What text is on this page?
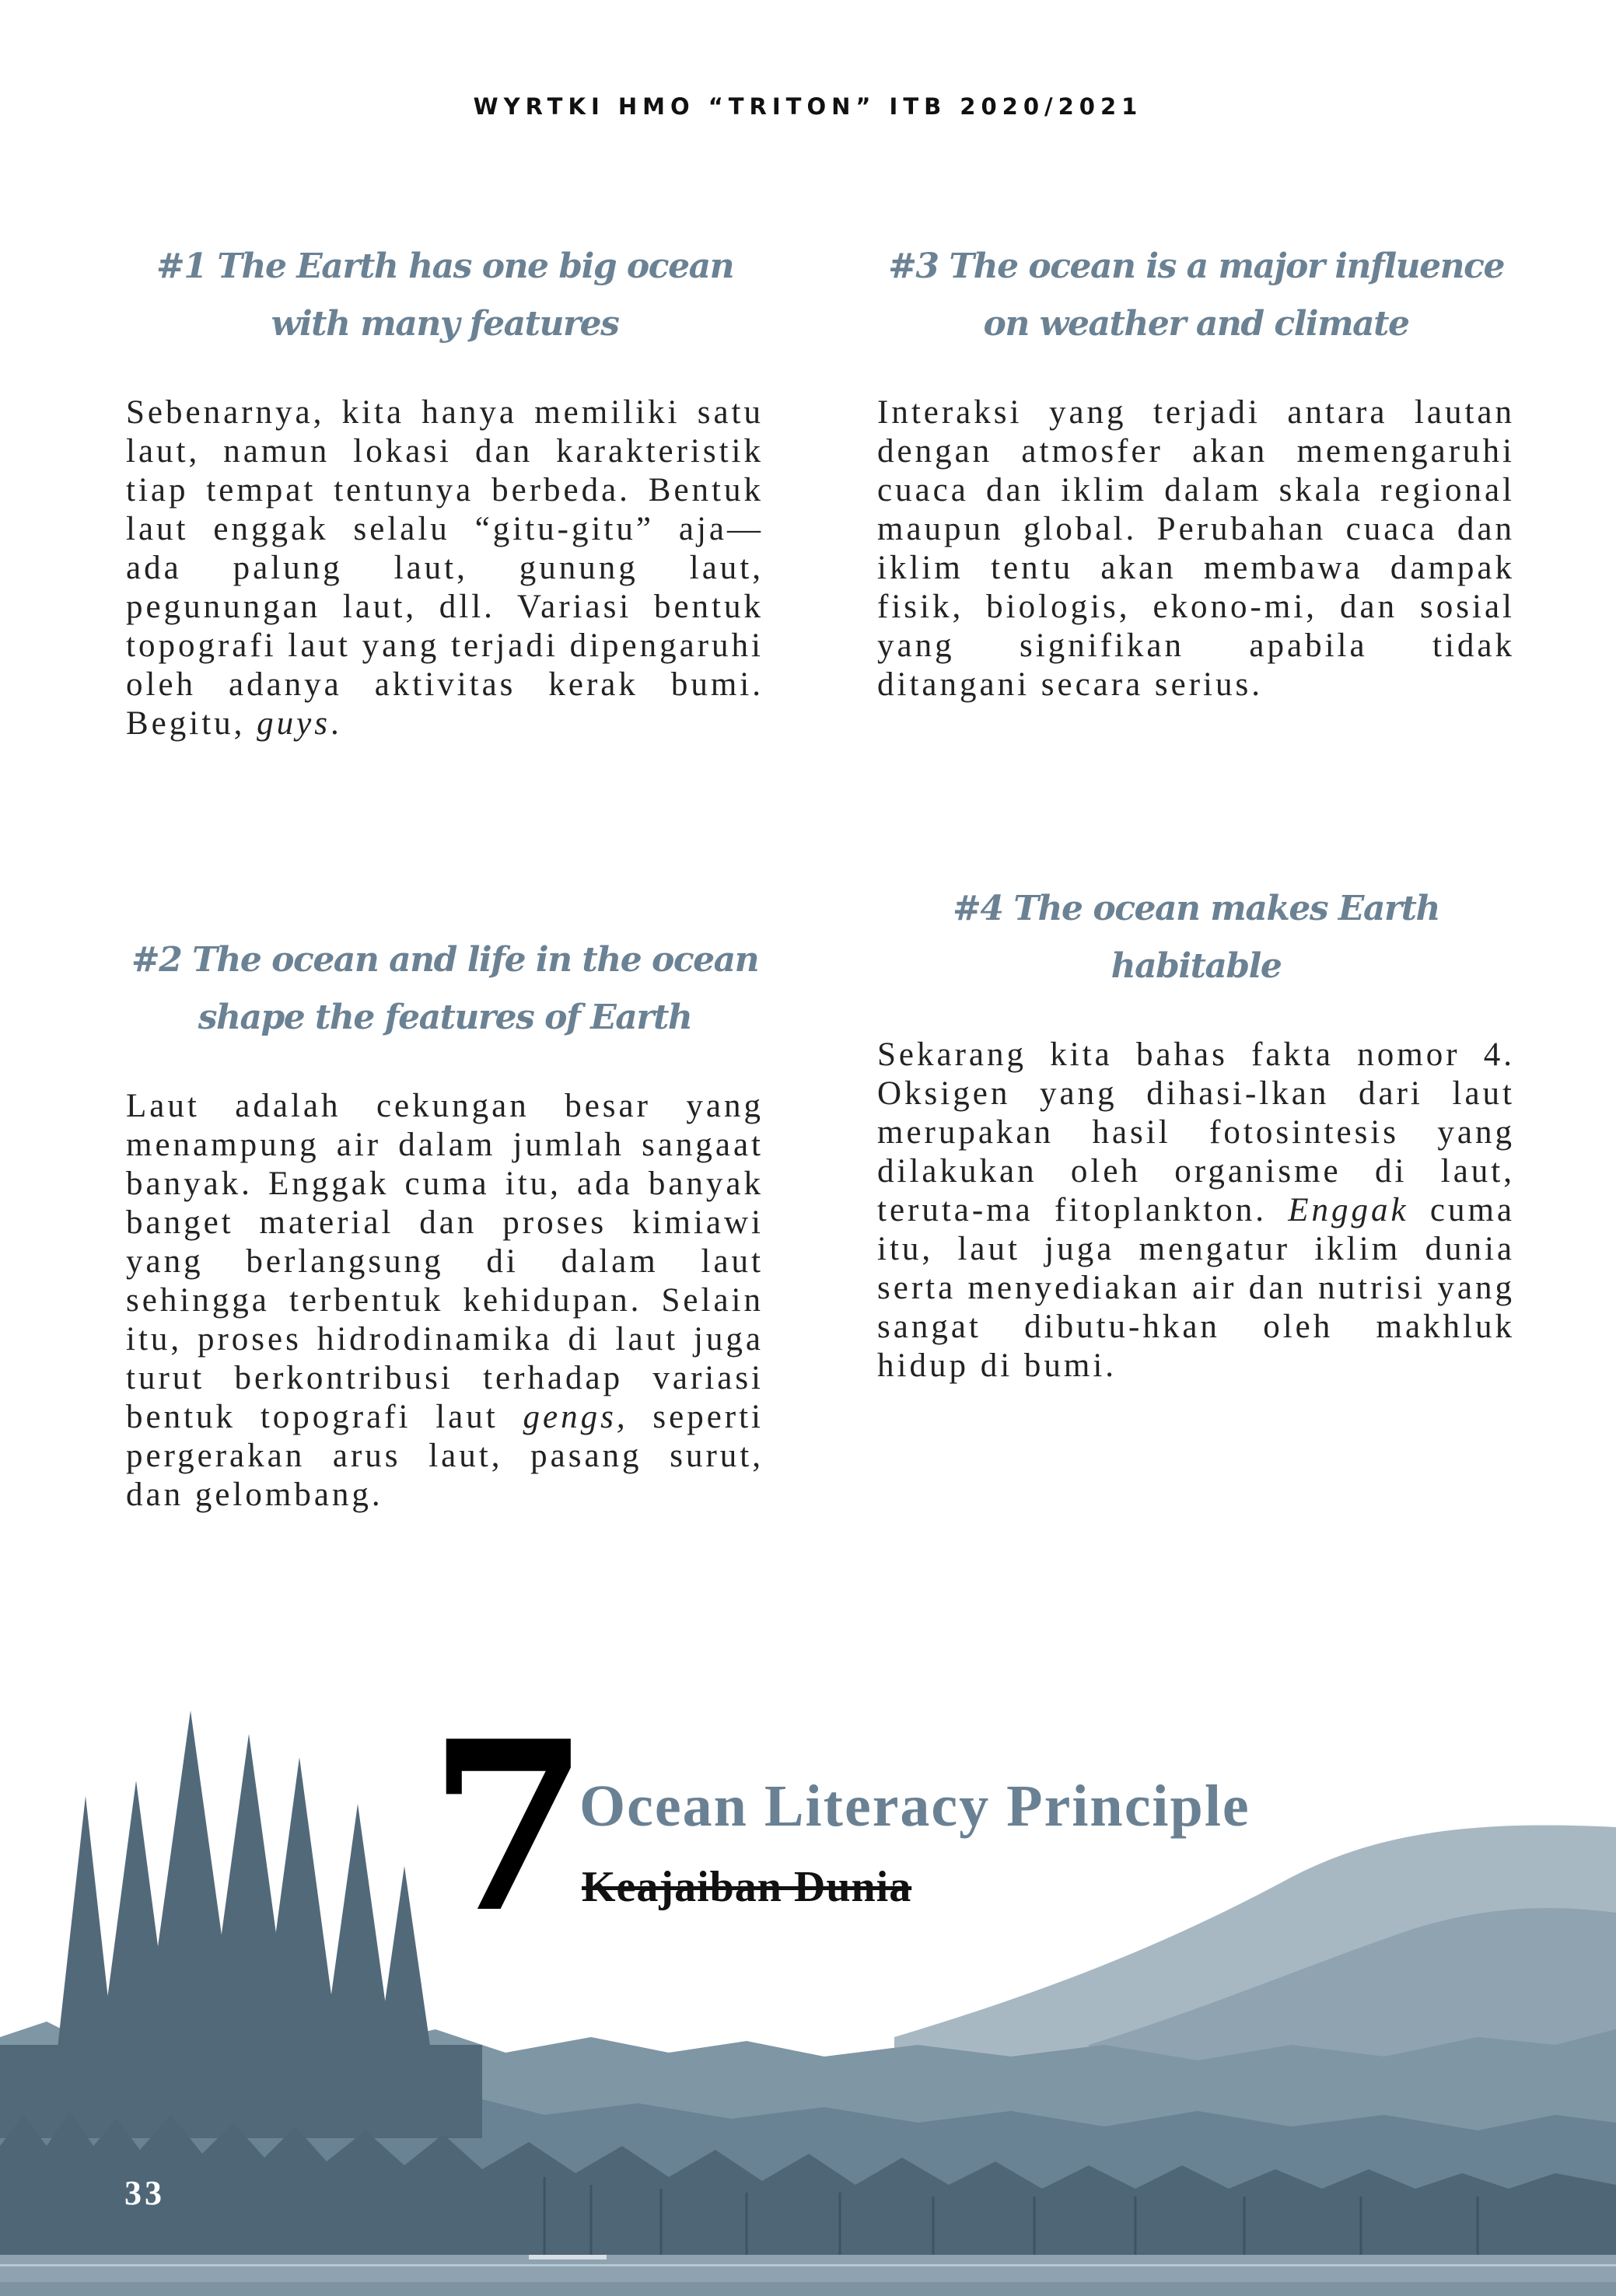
WYRTKI HMO “TRITON” ITB 2020/2021
#1 The Earth has one big ocean with many features

Sebenarnya, kita hanya memiliki satu laut, namun lokasi dan karakteristik tiap tempat tentunya berbeda. Bentuk laut enggak selalu “gitu-gitu” aja—ada palung laut, gunung laut, pegunungan laut, dll. Variasi bentuk topografi laut yang terjadi dipengaruhi oleh adanya aktivitas kerak bumi. Begitu, guys.

#2 The ocean and life in the ocean shape the features of Earth

Laut adalah cekungan besar yang menampung air dalam jumlah sangaat banyak. Enggak cuma itu, ada banyak banget material dan proses kimiawi yang berlangsung di dalam laut sehingga terbentuk kehidupan. Selain itu, proses hidrodinamika di laut juga turut berkontribusi terhadap variasi bentuk topografi laut gengs, seperti pergerakan arus laut, pasang surut, dan gelombang.

#3 The ocean is a major influence on weather and climate

Interaksi yang terjadi antara lautan dengan atmosfer akan memengaruhi cuaca dan iklim dalam skala regional maupun global. Perubahan cuaca dan iklim tentu akan membawa dampak fisik, biologis, ekono-mi, dan sosial yang signifikan apabila tidak ditangani secara serius.

#4 The ocean makes Earth habitable

Sekarang kita bahas fakta nomor 4. Oksigen yang dihasi-lkan dari laut merupakan hasil fotosintesis yang dilakukan oleh organisme di laut, teruta-ma fitoplankton. Enggak cuma itu, laut juga mengatur iklim dunia serta menyediakan air dan nutrisi yang sangat dibutu-hkan oleh makhluk hidup di bumi.

7 Ocean Literacy Principle
Keajaiban Dunia
33
